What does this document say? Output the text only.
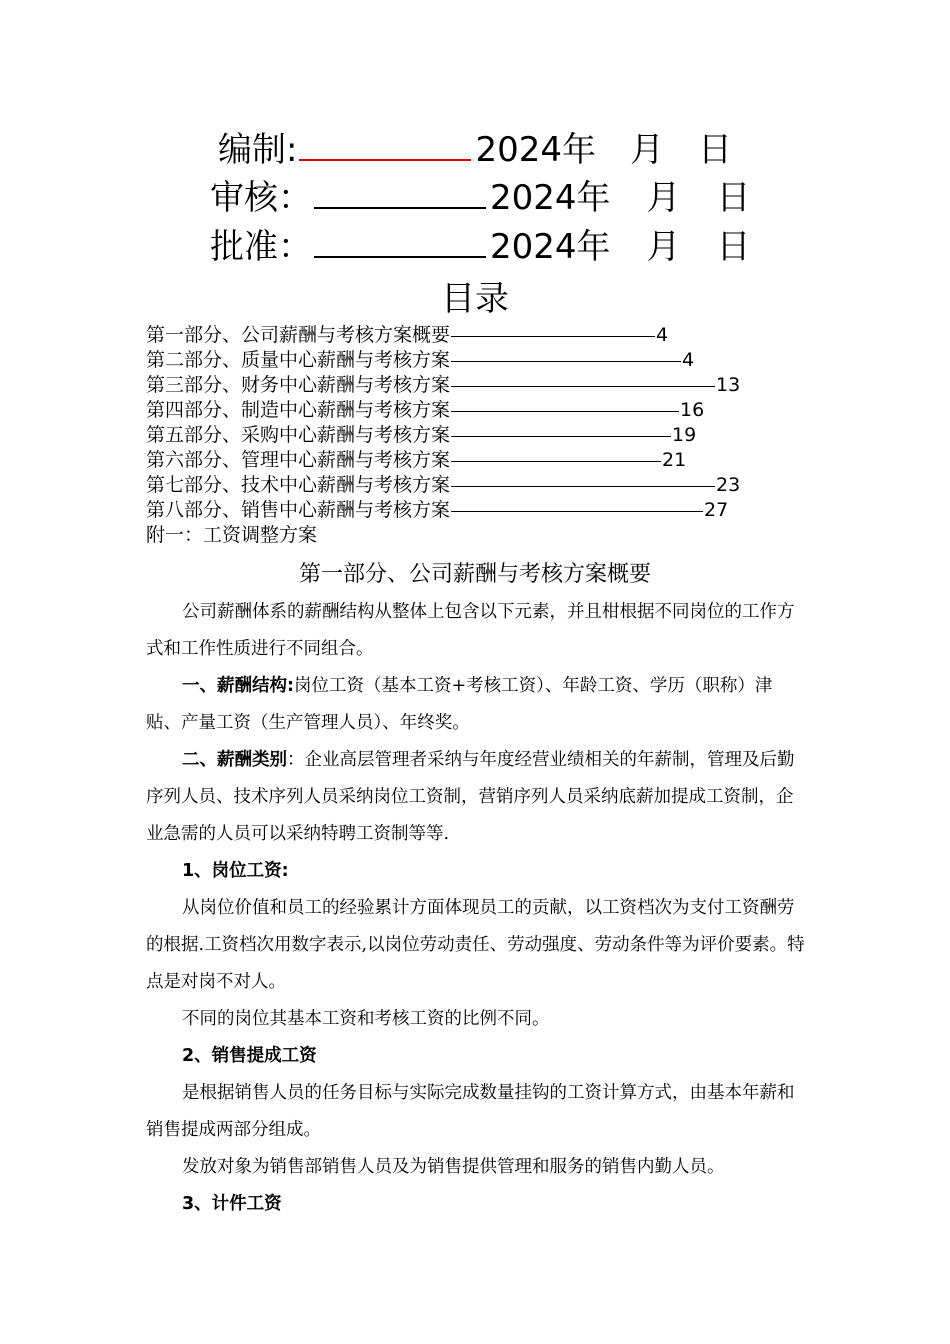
编制:	2024年 月 日
审核：	2024年 月 日
批准：	2024年 月 日
目录
第一部分、公司薪酬与考核方案概要	4
第二部分、质量中心薪酬与考核方案	4
第三部分、财务中心薪酬与考核方案	13
第四部分、制造中心薪酬与考核方案	16
第五部分、采购中心薪酬与考核方案	19
第六部分、管理中心薪酬与考核方案	21
第七部分、技术中心薪酬与考核方案	23
第八部分、销售中心薪酬与考核方案	27
附一：工资调整方案
第一部分、公司薪酬与考核方案概要

公司薪酬体系的薪酬结构从整体上包含以下元素，并且柑根据不同岗位的工作方式和工作性质进行不同组合。

一、薪酬结构:岗位工资（基本工资+考核工资）、年龄工资、学历（职称）津贴、产量工资（生产管理人员）、年终奖。

二、薪酬类别：企业高层管理者采纳与年度经营业绩相关的年薪制，管理及后勤序列人员、技术序列人员采纳岗位工资制，营销序列人员采纳底薪加提成工资制，企业急需的人员可以采纳特聘工资制等等.

1、岗位工资:

从岗位价值和员工的经验累计方面体现员工的贡献，以工资档次为支付工资酬劳的根据.工资档次用数字表示,以岗位劳动责任、劳动强度、劳动条件等为评价要素。特点是对岗不对人。

不同的岗位其基本工资和考核工资的比例不同。

2、销售提成工资

是根据销售人员的任务目标与实际完成数量挂钩的工资计算方式，由基本年薪和销售提成两部分组成。

发放对象为销售部销售人员及为销售提供管理和服务的销售内勤人员。

3、计件工资
